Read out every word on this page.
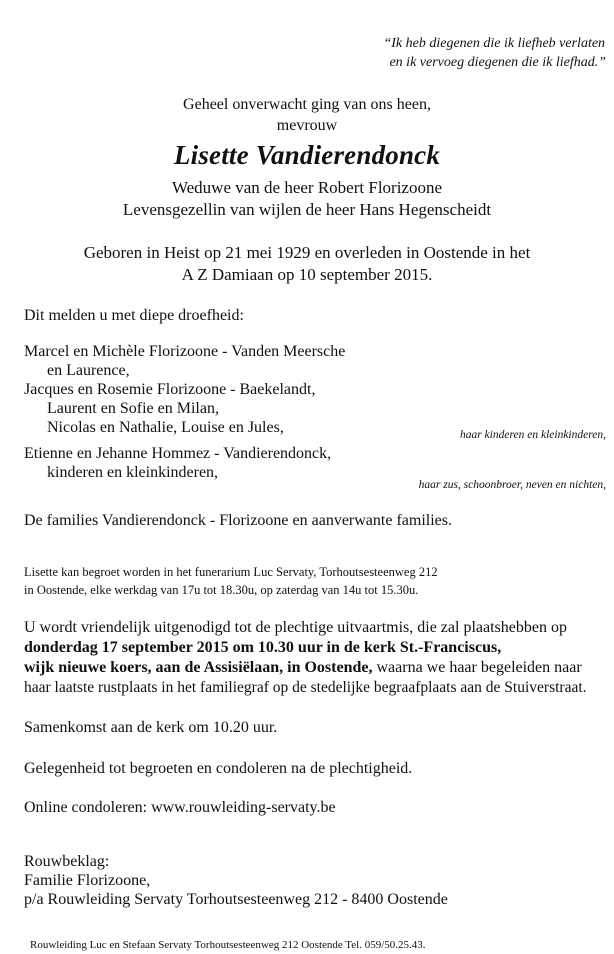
“Ik heb diegenen die ik liefheb verlaten
en ik vervoeg diegenen die ik liefhad.”
Geheel onverwacht ging van ons heen,
mevrouw
Lisette Vandierendonck
Weduwe van de heer Robert Florizoone
Levensgezellin van wijlen de heer Hans Hegenscheidt
Geboren in Heist op 21 mei 1929 en overleden in Oostende in het
A Z Damiaan op 10 september 2015.
Dit melden u met diepe droefheid:
Marcel en Michèle Florizoone - Vanden Meersche
en Laurence,
Jacques en Rosemie Florizoone - Baekelandt,
Laurent en Sofie en Milan,
Nicolas en Nathalie, Louise en Jules,	haar kinderen en kleinkinderen,
Etienne en Jehanne Hommez - Vandierendonck,
kinderen en kleinkinderen,
haar zus, schoonbroer, neven en nichten,
De families Vandierendonck - Florizoone en aanverwante families.
Lisette kan begroet worden in het funerarium Luc Servaty, Torhoutsesteenweg 212
in Oostende, elke werkdag van 17u tot 18.30u, op zaterdag van 14u tot 15.30u.
U wordt vriendelijk uitgenodigd tot de plechtige uitvaartmis, die zal plaatshebben op
donderdag 17 september 2015 om 10.30 uur in de kerk St.-Franciscus,
wijk nieuwe koers, aan de Assisiëlaan, in Oostende, waarna we haar begeleiden naar
haar laatste rustplaats in het familiegraf op de stedelijke begraafplaats aan de Stuiverstraat.
Samenkomst aan de kerk om 10.20 uur.
Gelegenheid tot begroeten en condoleren na de plechtigheid.
Online condoleren: www.rouwleiding-servaty.be
Rouwbeklag:
Familie Florizoone,
p/a Rouwleiding Servaty Torhoutsesteenweg 212 - 8400 Oostende
Rouwleiding Luc en Stefaan Servaty Torhoutsesteenweg 212 Oostende Tel. 059/50.25.43.
